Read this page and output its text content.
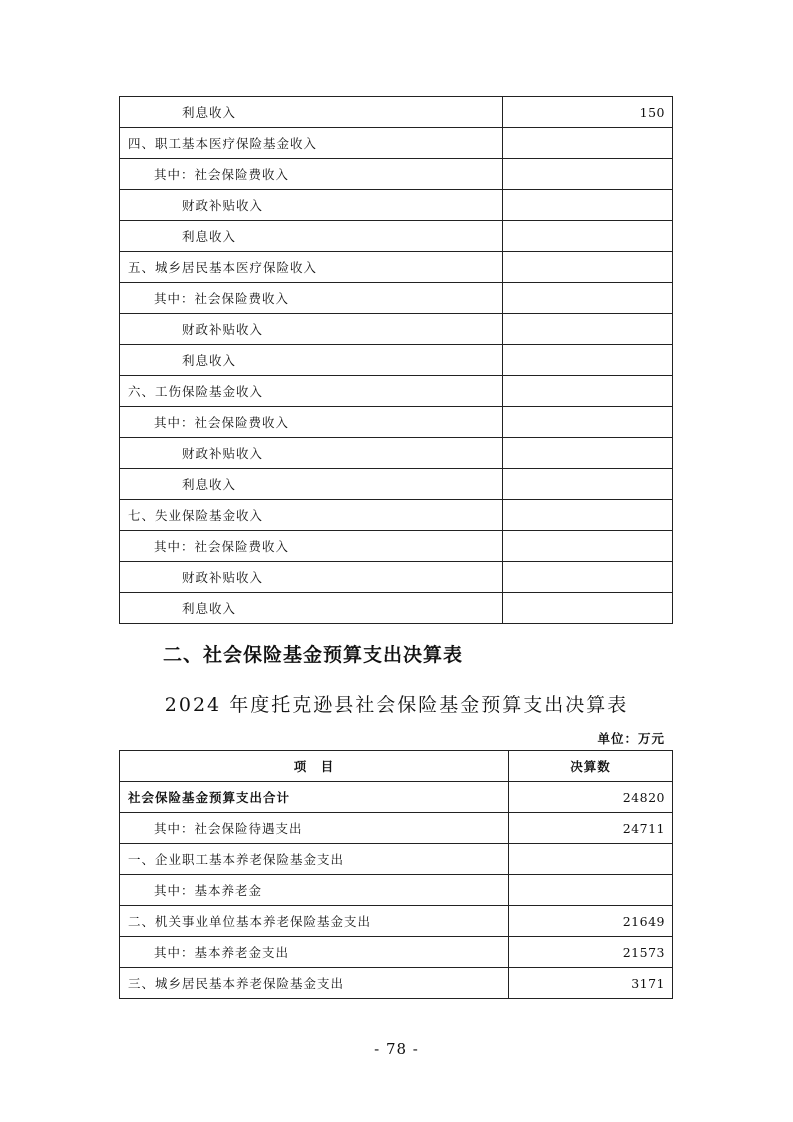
利息收入	150
四、职工基本医疗保险基金收入	
其中：社会保险费收入	
财政补贴收入	
利息收入	
五、城乡居民基本医疗保险收入	
其中：社会保险费收入	
财政补贴收入	
利息收入	
六、工伤保险基金收入	
其中：社会保险费收入	
财政补贴收入	
利息收入	
七、失业保险基金收入	
其中：社会保险费收入	
财政补贴收入	
利息收入	
二、社会保险基金预算支出决算表
2024 年度托克逊县社会保险基金预算支出决算表
单位：万元
项　目	决算数
社会保险基金预算支出合计	24820
其中：社会保险待遇支出	24711
一、企业职工基本养老保险基金支出	
其中：基本养老金	
二、机关事业单位基本养老保险基金支出	21649
其中：基本养老金支出	21573
三、城乡居民基本养老保险基金支出	3171
- 78 -
